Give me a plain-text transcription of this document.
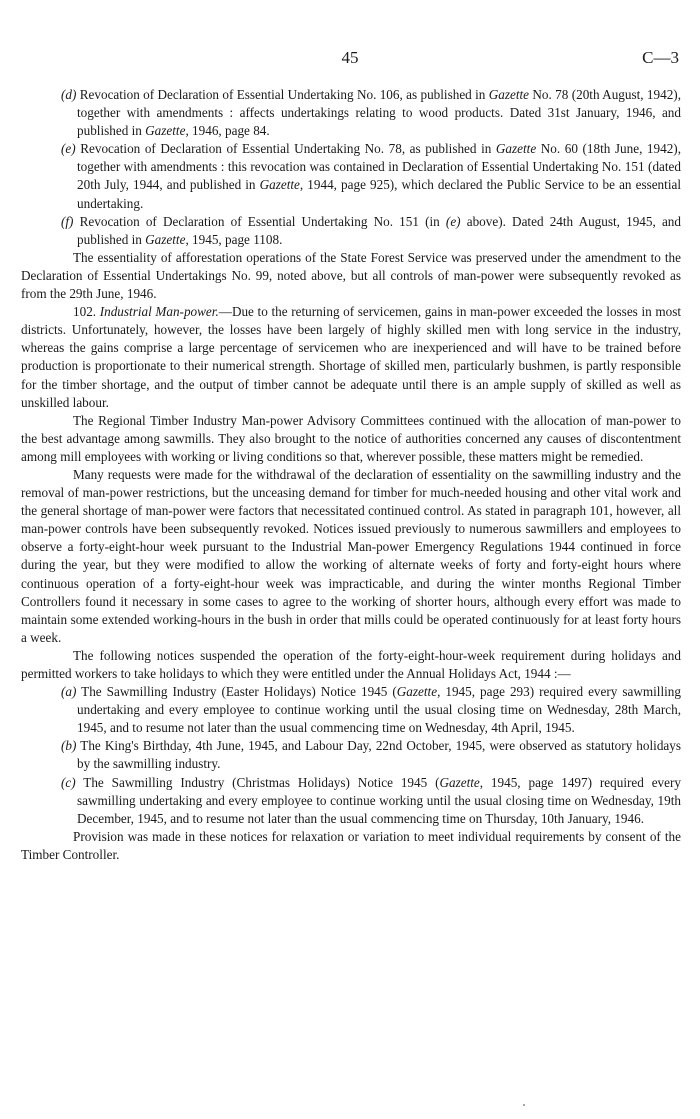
45	C—3

(d) Revocation of Declaration of Essential Undertaking No. 106, as published in Gazette No. 78 (20th August, 1942), together with amendments : affects undertakings relating to wood products. Dated 31st January, 1946, and published in Gazette, 1946, page 84.

(e) Revocation of Declaration of Essential Undertaking No. 78, as published in Gazette No. 60 (18th June, 1942), together with amendments : this revocation was contained in Declaration of Essential Undertaking No. 151 (dated 20th July, 1944, and published in Gazette, 1944, page 925), which declared the Public Service to be an essential undertaking.

(f) Revocation of Declaration of Essential Undertaking No. 151 (in (e) above). Dated 24th August, 1945, and published in Gazette, 1945, page 1108.

The essentiality of afforestation operations of the State Forest Service was preserved under the amendment to the Declaration of Essential Undertakings No. 99, noted above, but all controls of man-power were subsequently revoked as from the 29th June, 1946.

102. Industrial Man-power.—Due to the returning of servicemen, gains in man-power exceeded the losses in most districts. Unfortunately, however, the losses have been largely of highly skilled men with long service in the industry, whereas the gains comprise a large percentage of servicemen who are inexperienced and will have to be trained before production is proportionate to their numerical strength. Shortage of skilled men, particularly bushmen, is partly responsible for the timber shortage, and the output of timber cannot be adequate until there is an ample supply of skilled as well as unskilled labour.

The Regional Timber Industry Man-power Advisory Committees continued with the allocation of man-power to the best advantage among sawmills. They also brought to the notice of authorities concerned any causes of discontentment among mill employees with working or living conditions so that, wherever possible, these matters might be remedied.

Many requests were made for the withdrawal of the declaration of essentiality on the sawmilling industry and the removal of man-power restrictions, but the unceasing demand for timber for much-needed housing and other vital work and the general shortage of man-power were factors that necessitated continued control. As stated in paragraph 101, however, all man-power controls have been subsequently revoked. Notices issued previously to numerous sawmillers and employees to observe a forty-eight-hour week pursuant to the Industrial Man-power Emergency Regulations 1944 continued in force during the year, but they were modified to allow the working of alternate weeks of forty and forty-eight hours where continuous operation of a forty-eight-hour week was impracticable, and during the winter months Regional Timber Controllers found it necessary in some cases to agree to the working of shorter hours, although every effort was made to maintain some extended working-hours in the bush in order that mills could be operated continuously for at least forty hours a week.

The following notices suspended the operation of the forty-eight-hour-week requirement during holidays and permitted workers to take holidays to which they were entitled under the Annual Holidays Act, 1944 :—

(a) The Sawmilling Industry (Easter Holidays) Notice 1945 (Gazette, 1945, page 293) required every sawmilling undertaking and every employee to continue working until the usual closing time on Wednesday, 28th March, 1945, and to resume not later than the usual commencing time on Wednesday, 4th April, 1945.

(b) The King's Birthday, 4th June, 1945, and Labour Day, 22nd October, 1945, were observed as statutory holidays by the sawmilling industry.

(c) The Sawmilling Industry (Christmas Holidays) Notice 1945 (Gazette, 1945, page 1497) required every sawmilling undertaking and every employee to continue working until the usual closing time on Wednesday, 19th December, 1945, and to resume not later than the usual commencing time on Thursday, 10th January, 1946.

Provision was made in these notices for relaxation or variation to meet individual requirements by consent of the Timber Controller.
